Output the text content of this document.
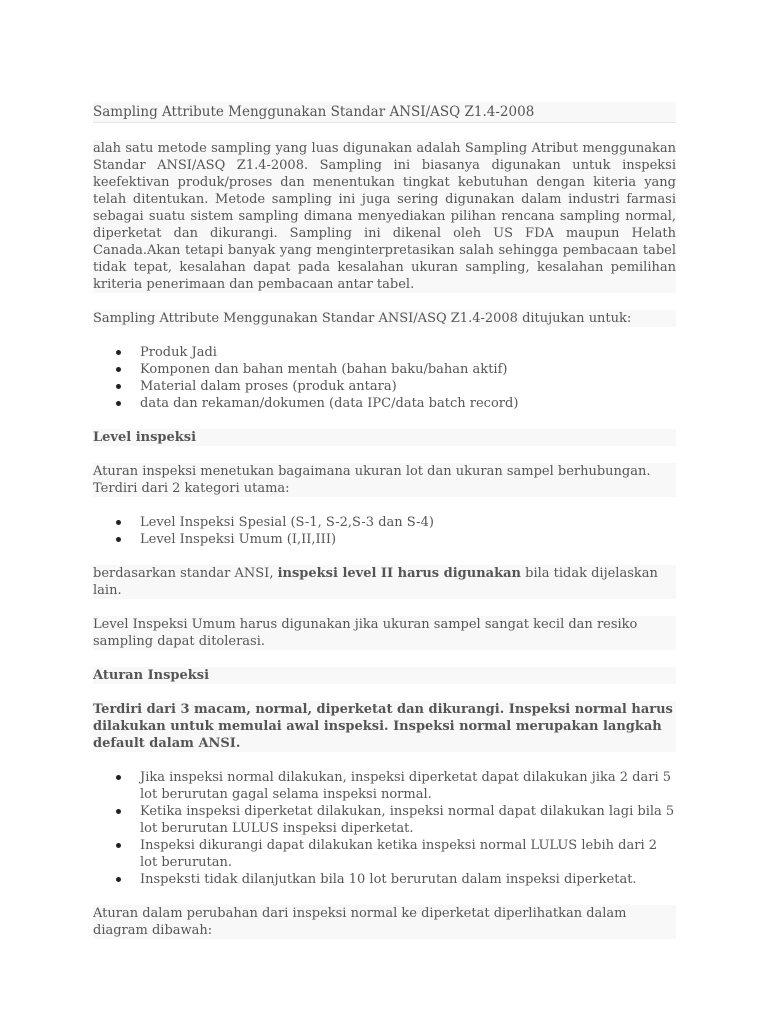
Sampling Attribute Menggunakan Standar ANSI/ASQ Z1.4-2008

alah satu metode sampling yang luas digunakan adalah Sampling Atribut menggunakan Standar ANSI/ASQ Z1.4-2008. Sampling ini biasanya digunakan untuk inspeksi keefektivan produk/proses dan menentukan tingkat kebutuhan dengan kiteria yang telah ditentukan. Metode sampling ini juga sering digunakan dalam industri farmasi sebagai suatu sistem sampling dimana menyediakan pilihan rencana sampling normal, diperketat dan dikurangi. Sampling ini dikenal oleh US FDA maupun Helath Canada.Akan tetapi banyak yang menginterpretasikan salah sehingga pembacaan tabel tidak tepat, kesalahan dapat pada kesalahan ukuran sampling, kesalahan pemilihan kriteria penerimaan dan pembacaan antar tabel.

Sampling Attribute Menggunakan Standar ANSI/ASQ Z1.4-2008 ditujukan untuk:

Produk Jadi
Komponen dan bahan mentah (bahan baku/bahan aktif)
Material dalam proses (produk antara)
data dan rekaman/dokumen (data IPC/data batch record)

Level inspeksi

Aturan inspeksi menetukan bagaimana ukuran lot dan ukuran sampel berhubungan. Terdiri dari 2 kategori utama:

Level Inspeksi Spesial (S-1, S-2,S-3 dan S-4)
Level Inspeksi Umum (I,II,III)

berdasarkan standar ANSI, inspeksi level II harus digunakan bila tidak dijelaskan lain.

Level Inspeksi Umum harus digunakan jika ukuran sampel sangat kecil dan resiko sampling dapat ditolerasi.

Aturan Inspeksi

Terdiri dari 3 macam, normal, diperketat dan dikurangi. Inspeksi normal harus dilakukan untuk memulai awal inspeksi. Inspeksi normal merupakan langkah default dalam ANSI.

Jika inspeksi normal dilakukan, inspeksi diperketat dapat dilakukan jika 2 dari 5 lot berurutan gagal selama inspeksi normal.
Ketika inspeksi diperketat dilakukan, inspeksi normal dapat dilakukan lagi bila 5 lot berurutan LULUS inspeksi diperketat.
Inspeksi dikurangi dapat dilakukan ketika inspeksi normal LULUS lebih dari 2 lot berurutan.
Inspeksti tidak dilanjutkan bila 10 lot berurutan dalam inspeksi diperketat.

Aturan dalam perubahan dari inspeksi normal ke diperketat diperlihatkan dalam diagram dibawah:
